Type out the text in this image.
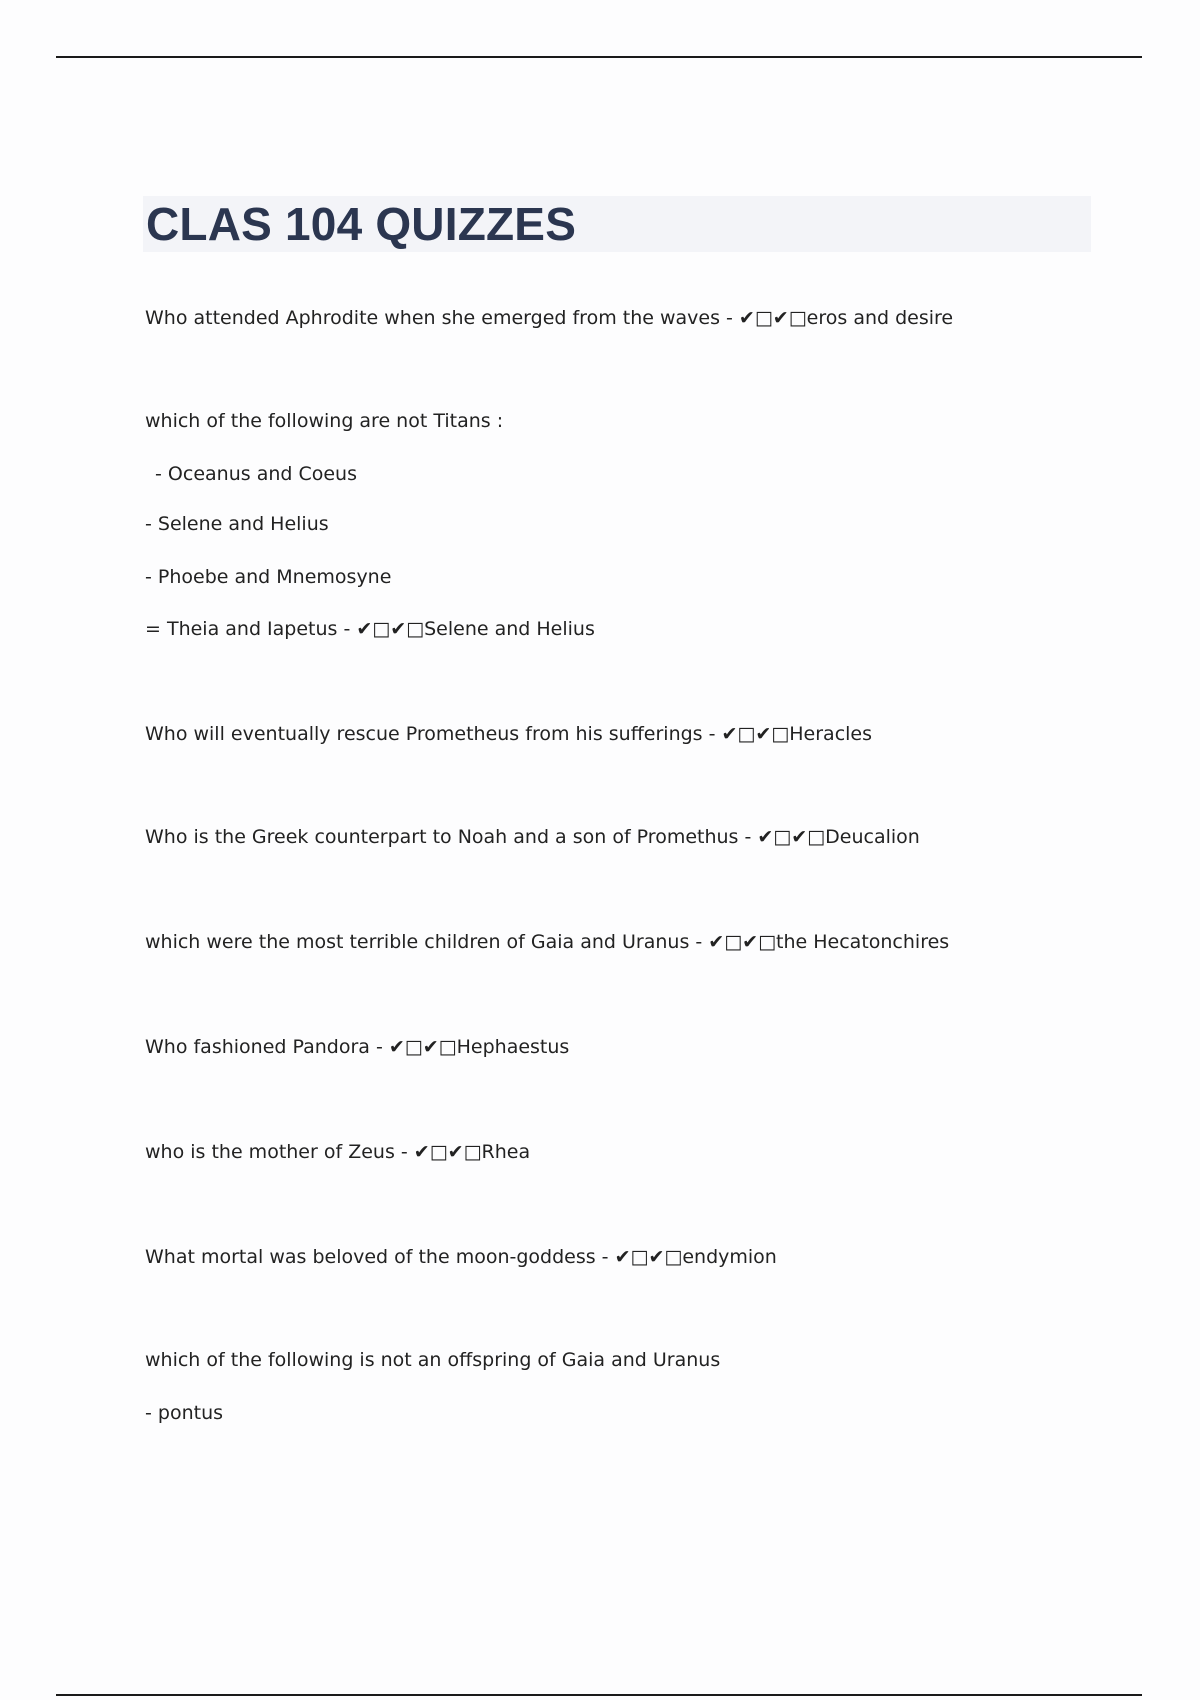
CLAS 104 QUIZZES
Who attended Aphrodite when she emerged from the waves - ✔□✔□eros and desire
which of the following are not Titans :
- Oceanus and Coeus
- Selene and Helius
- Phoebe and Mnemosyne
= Theia and Iapetus - ✔□✔□Selene and Helius
Who will eventually rescue Prometheus from his sufferings - ✔□✔□Heracles
Who is the Greek counterpart to Noah and a son of Promethus - ✔□✔□Deucalion
which were the most terrible children of Gaia and Uranus - ✔□✔□the Hecatonchires
Who fashioned Pandora - ✔□✔□Hephaestus
who is the mother of Zeus - ✔□✔□Rhea
What mortal was beloved of the moon-goddess - ✔□✔□endymion
which of the following is not an offspring of Gaia and Uranus
- pontus
